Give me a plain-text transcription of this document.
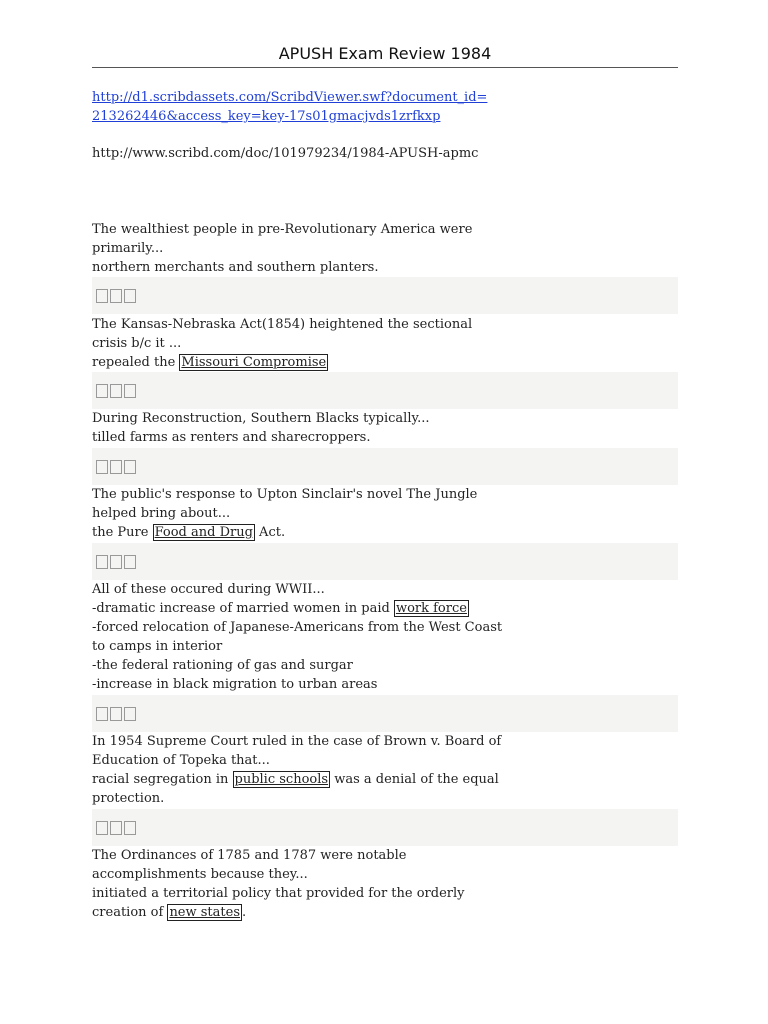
APUSH Exam Review 1984
http://d1.scribdassets.com/ScribdViewer.swf?document_id=
213262446&access_key=key-17s01gmacjvds1zrfkxp
http://www.scribd.com/doc/101979234/1984-APUSH-apmc
The wealthiest people in pre-Revolutionary America were
primarily...
northern merchants and southern planters.
The Kansas-Nebraska Act(1854) heightened the sectional
crisis b/c it ...
repealed the Missouri Compromise
During Reconstruction, Southern Blacks typically...
tilled farms as renters and sharecroppers.
The public's response to Upton Sinclair's novel The Jungle
helped bring about...
the Pure Food and Drug Act.
All of these occured during WWII...
-dramatic increase of married women in paid work force
-forced relocation of Japanese-Americans from the West Coast
to camps in interior
-the federal rationing of gas and surgar
-increase in black migration to urban areas
In 1954 Supreme Court ruled in the case of Brown v. Board of
Education of Topeka that...
racial segregation in public schools was a denial of the equal
protection.
The Ordinances of 1785 and 1787 were notable
accomplishments because they...
initiated a territorial policy that provided for the orderly
creation of new states .
